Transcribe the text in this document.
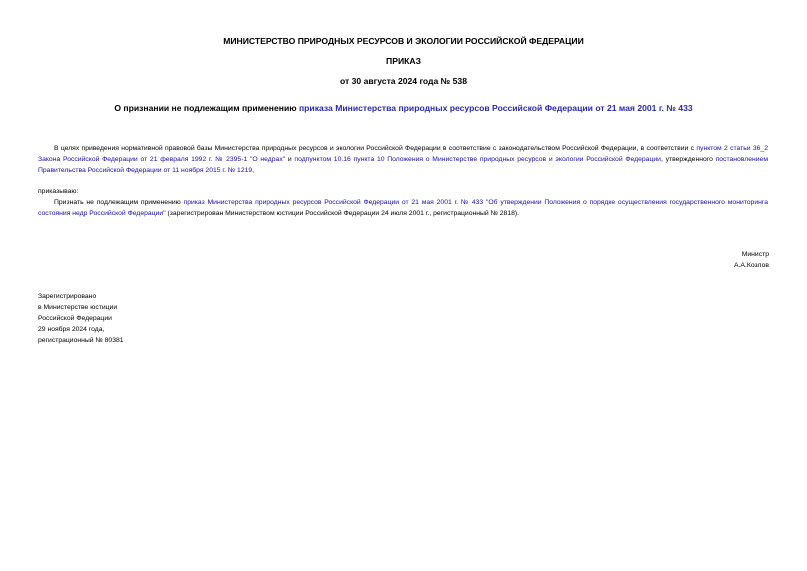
МИНИСТЕРСТВО ПРИРОДНЫХ РЕСУРСОВ И ЭКОЛОГИИ РОССИЙСКОЙ ФЕДЕРАЦИИ
ПРИКАЗ
от 30 августа 2024 года № 538
О признании не подлежащим применению приказа Министерства природных ресурсов Российской Федерации от 21 мая 2001 г. № 433

В целях приведения нормативной правовой базы Министерства природных ресурсов и экологии Российской Федерации в соответствие с законодательством Российской Федерации, в соответствии с пунктом 2 статьи 36_2 Закона Российской Федерации от 21 февраля 1992 г. № 2395-1 "О недрах" и подпунктом 10.16 пункта 10 Положения о Министерстве природных ресурсов и экологии Российской Федерации, утвержденного постановлением Правительства Российской Федерации от 11 ноября 2015 г. № 1219,

приказываю:

Признать не подлежащим применению приказ Министерства природных ресурсов Российской Федерации от 21 мая 2001 г. № 433 "Об утверждении Положения о порядке осуществления государственного мониторинга состояния недр Российской Федерации" (зарегистрирован Министерством юстиции Российской Федерации 24 июля 2001 г., регистрационный № 2818).

Министр
А.А.Козлов
Зарегистрировано
в Министерстве юстиции
Российской Федерации
29 ноября 2024 года,
регистрационный № 80381
